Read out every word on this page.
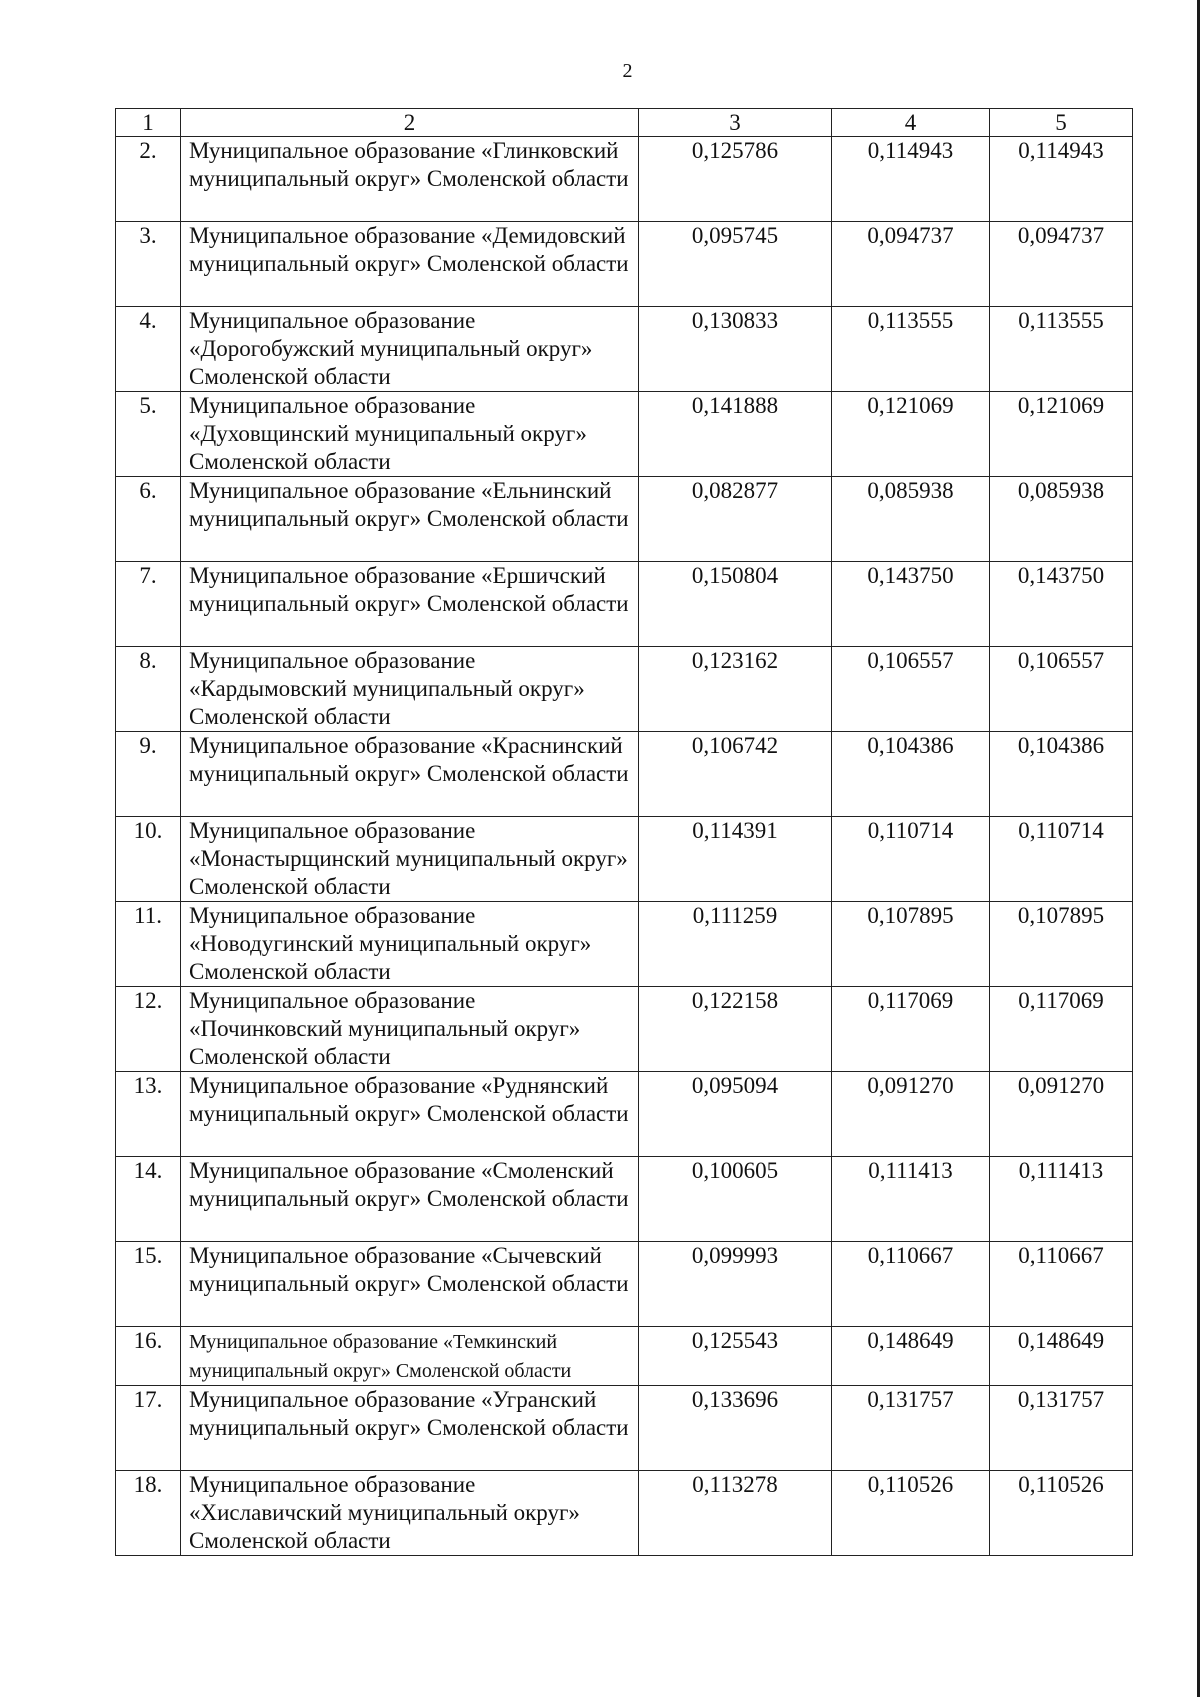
2
1	2	3	4	5
2.	Муниципальное образование «Глинковский муниципальный округ» Смоленской области	0,125786	0,114943	0,114943
3.	Муниципальное образование «Демидовский муниципальный округ» Смоленской области	0,095745	0,094737	0,094737
4.	Муниципальное образование «Дорогобужский муниципальный округ» Смоленской области	0,130833	0,113555	0,113555
5.	Муниципальное образование «Духовщинский муниципальный округ» Смоленской области	0,141888	0,121069	0,121069
6.	Муниципальное образование «Ельнинский муниципальный округ» Смоленской области	0,082877	0,085938	0,085938
7.	Муниципальное образование «Ершичский муниципальный округ» Смоленской области	0,150804	0,143750	0,143750
8.	Муниципальное образование «Кардымовский муниципальный округ» Смоленской области	0,123162	0,106557	0,106557
9.	Муниципальное образование «Краснинский муниципальный округ» Смоленской области	0,106742	0,104386	0,104386
10.	Муниципальное образование «Монастырщинский муниципальный округ» Смоленской области	0,114391	0,110714	0,110714
11.	Муниципальное образование «Новодугинский муниципальный округ» Смоленской области	0,111259	0,107895	0,107895
12.	Муниципальное образование «Починковский муниципальный округ» Смоленской области	0,122158	0,117069	0,117069
13.	Муниципальное образование «Руднянский муниципальный округ» Смоленской области	0,095094	0,091270	0,091270
14.	Муниципальное образование «Смоленский муниципальный округ» Смоленской области	0,100605	0,111413	0,111413
15.	Муниципальное образование «Сычевский муниципальный округ» Смоленской области	0,099993	0,110667	0,110667
16.	Муниципальное образование «Темкинский муниципальный округ» Смоленской области	0,125543	0,148649	0,148649
17.	Муниципальное образование «Угранский муниципальный округ» Смоленской области	0,133696	0,131757	0,131757
18.	Муниципальное образование «Хиславичский муниципальный округ» Смоленской области	0,113278	0,110526	0,110526
